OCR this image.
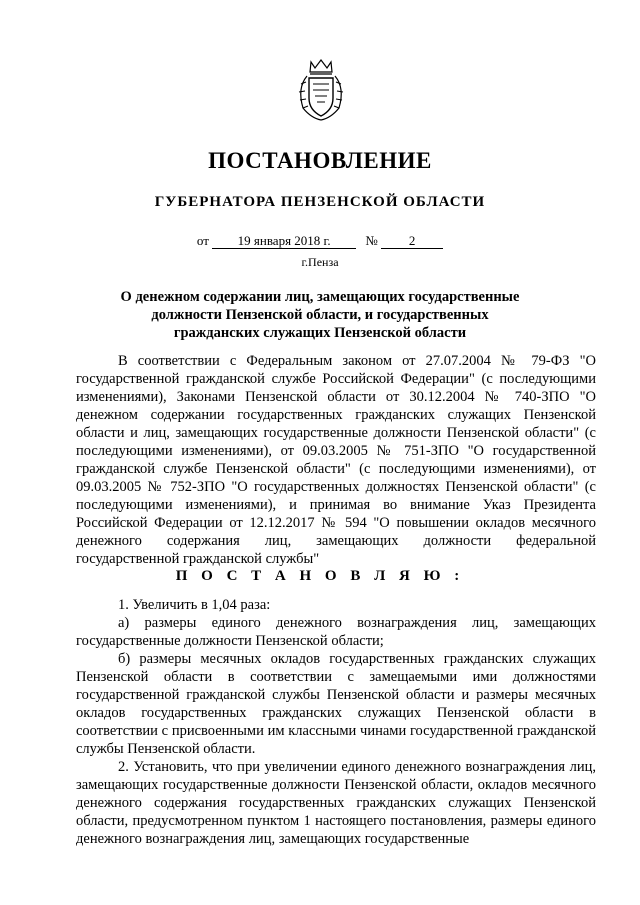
ПОСТАНОВЛЕНИЕ
ГУБЕРНАТОРА ПЕНЗЕНСКОЙ ОБЛАСТИ
от 19 января 2018 г.	№ 2
г.Пенза
О денежном содержании лиц, замещающих государственные должности Пензенской области, и государственных гражданских служащих Пензенской области

В соответствии с Федеральным законом от 27.07.2004 № 79-ФЗ "О государственной гражданской службе Российской Федерации" (с последующими изменениями), Законами Пензенской области от 30.12.2004 № 740-ЗПО "О денежном содержании государственных гражданских служащих Пензенской области и лиц, замещающих государственные должности Пензенской области" (с последующими изменениями), от 09.03.2005 № 751-ЗПО "О государственной гражданской службе Пензенской области" (с последующими изменениями), от 09.03.2005 № 752-ЗПО "О государственных должностях Пензенской области" (с последующими изменениями), и принимая во внимание Указ Президента Российской Федерации от 12.12.2017 № 594 "О повышении окладов месячного денежного содержания лиц, замещающих должности федеральной государственной гражданской службы"

П О С Т А Н О В Л Я Ю :

1. Увеличить в 1,04 раза:

а) размеры единого денежного вознаграждения лиц, замещающих государственные должности Пензенской области;

б) размеры месячных окладов государственных гражданских служащих Пензенской области в соответствии с замещаемыми ими должностями государственной гражданской службы Пензенской области и размеры месячных окладов государственных гражданских служащих Пензенской области в соответствии с присвоенными им классными чинами государственной гражданской службы Пензенской области.

2. Установить, что при увеличении единого денежного вознаграждения лиц, замещающих государственные должности Пензенской области, окладов месячного денежного содержания государственных гражданских служащих Пензенской области, предусмотренном пунктом 1 настоящего постановления, размеры единого денежного вознаграждения лиц, замещающих государственные
